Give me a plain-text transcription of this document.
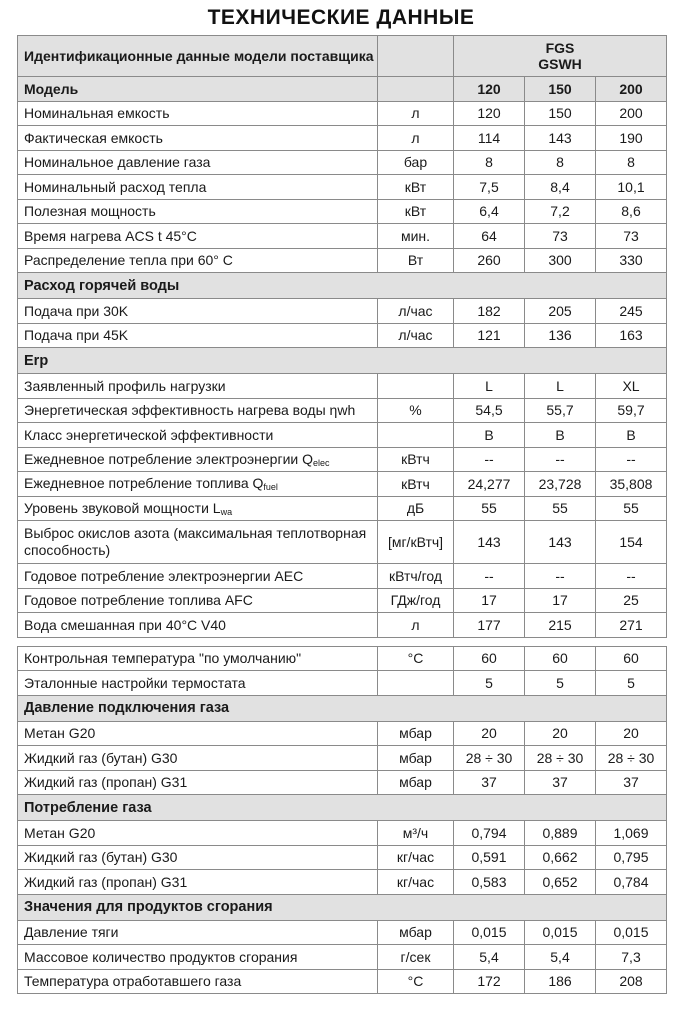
ТЕХНИЧЕСКИЕ ДАННЫЕ
Идентификационные данные модели поставщика		FGS
GSWH		

Модель		120	150	200
Номинальная емкость	л	120	150	200
Фактическая емкость	л	114	143	190
Номинальное давление газа	бар	8	8	8
Номинальный расход тепла	кВт	7,5	8,4	10,1
Полезная мощность	кВт	6,4	7,2	8,6
Время нагрева ACS t 45°C	мин.	64	73	73
Распределение тепла при 60° C	Вт	260	300	330
Расход горячей воды				
Подача при 30K	л/час	182	205	245
Подача при 45K	л/час	121	136	163
Erp				
Заявленный профиль нагрузки		L	L	XL
Энергетическая эффективность нагрева воды ηwh	%	54,5	55,7	59,7
Класс энергетической эффективности		B	B	B
Ежедневное потребление электроэнергии $Q_{elec}$	кВтч	--	--	--
Ежедневное потребление топлива $Q_{fuel}$	кВтч	24,277	23,728	35,808
Уровень звуковой мощности $L_{wa}$	дБ	55	55	55
Выброс окислов азота (максимальная теплотворная способность)	[мг/кВтч]	143	143	154
Годовое потребление электроэнергии AEC	кВтч/год	--	--	--
Годовое потребление топлива AFC	ГДж/год	17	17	25
Вода смешанная при 40°C V40	л	177	215	271

Контрольная температура "по умолчанию"	°C	60	60	60
Эталонные настройки термостата		5	5	5
Давление подключения газа				
Метан G20	мбар	20	20	20
Жидкий газ (бутан) G30	мбар	28 ÷ 30	28 ÷ 30	28 ÷ 30
Жидкий газ (пропан) G31	мбар	37	37	37
Потребление газа				
Метан G20	м³/ч	0,794	0,889	1,069
Жидкий газ (бутан) G30	кг/час	0,591	0,662	0,795
Жидкий газ (пропан) G31	кг/час	0,583	0,652	0,784
Значения для продуктов сгорания				
Давление тяги	мбар	0,015	0,015	0,015
Массовое количество продуктов сгорания	г/сек	5,4	5,4	7,3
Температура отработавшего газа	°C	172	186	208
